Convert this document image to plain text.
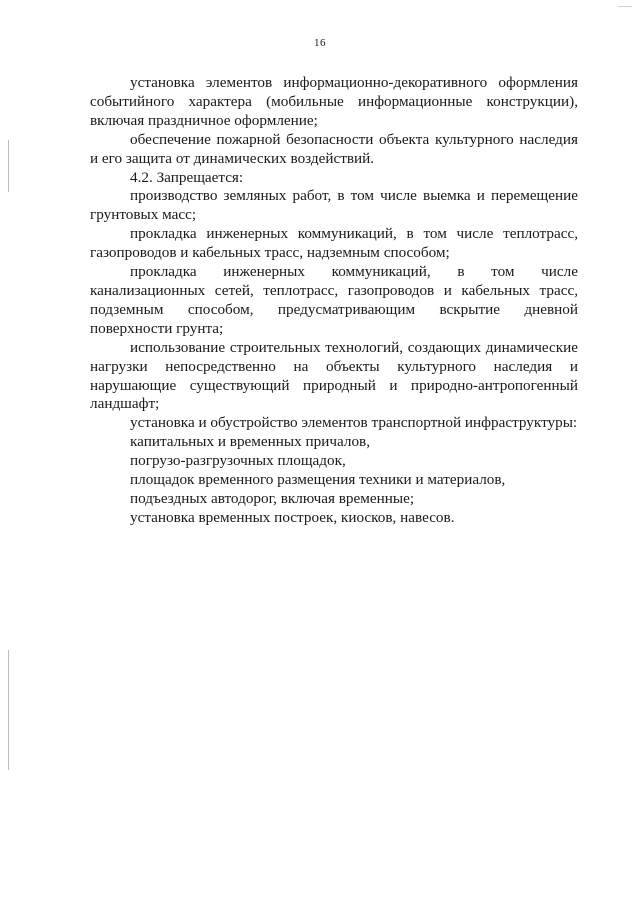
16

установка элементов информационно-декоративного оформления событийного характера (мобильные информационные конструкции), включая праздничное оформление;

обеспечение пожарной безопасности объекта культурного наследия и его защита от динамических воздействий.

4.2. Запрещается:

производство земляных работ, в том числе выемка и перемещение грунтовых масс;

прокладка инженерных коммуникаций, в том числе теплотрасс, газопроводов и кабельных трасс, надземным способом;

прокладка инженерных коммуникаций, в том числе канализационных сетей, теплотрасс, газопроводов и кабельных трасс, подземным способом, предусматривающим вскрытие дневной поверхности грунта;

использование строительных технологий, создающих динамические нагрузки непосредственно на объекты культурного наследия и нарушающие существующий природный и природно-антропогенный ландшафт;

установка и обустройство элементов транспортной инфраструктуры:

капитальных и временных причалов,

погрузо-разгрузочных площадок,

площадок временного размещения техники и материалов,

подъездных автодорог, включая временные;

установка временных построек, киосков, навесов.
